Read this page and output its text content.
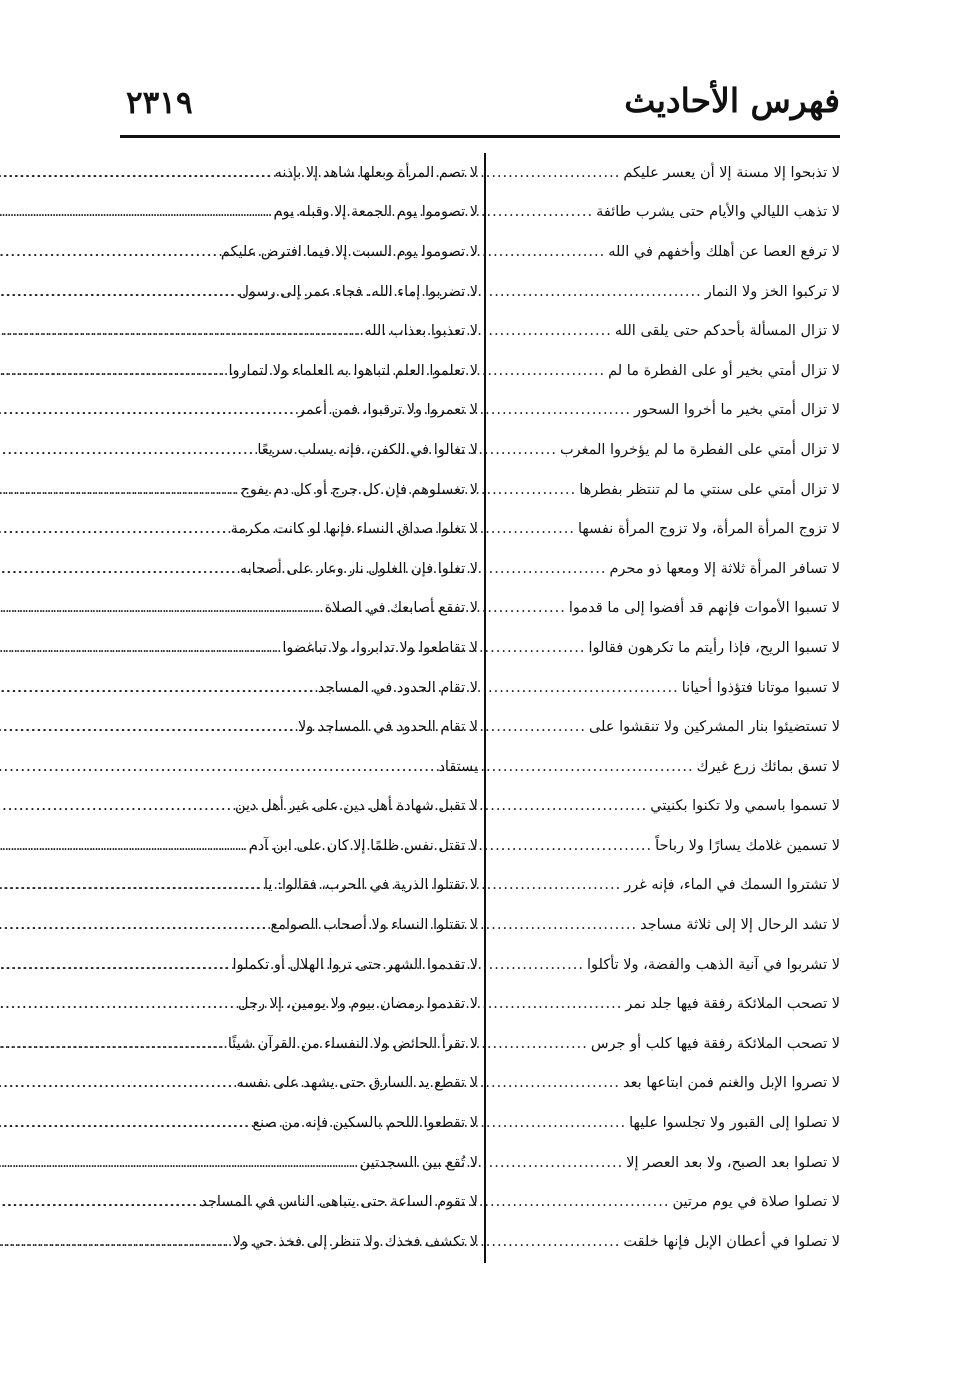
فهرس الأحاديث
٢٣١٩
لا تذبحوا إلا مسنة إلا أن يعسر عليكم
.....
لا تذهب الليالي والأيام حتى يشرب طائفة
.....
لا ترفع العصا عن أهلك وأخفهم في الله
.....
لا تركبوا الخز ولا النمار
.....
لا تزال المسألة بأحدكم حتى يلقى الله
.....
لا تزال أمتي بخير أو على الفطرة ما لم
.....
لا تزال أمتي بخير ما أخروا السحور
.....
لا تزال أمتي على الفطرة ما لم يؤخروا المغرب
.....
لا تزال أمتي على سنتي ما لم تنتظر بفطرها
.....
لا تزوج المرأة المرأة، ولا تزوج المرأة نفسها
.....
لا تسافر المرأة ثلاثة إلا ومعها ذو محرم
.....
لا تسبوا الأموات فإنهم قد أفضوا إلى ما قدموا
.....
لا تسبوا الريح، فإذا رأيتم ما تكرهون فقالوا
.....
لا تسبوا موتانا فتؤذوا أحيانا
.....
لا تستضيئوا بنار المشركين ولا تنقشوا على
.....
لا تسق بمائك زرع غيرك
.....
لا تسموا باسمي ولا تكنوا بكنيتي
.....
لا تسمين غلامك يسارًا ولا رباحاً
.....
لا تشتروا السمك في الماء، فإنه غرر
.....
لا تشد الرحال إلا إلى ثلاثة مساجد
.....
لا تشربوا في آنية الذهب والفضة، ولا تأكلوا
.....
لا تصحب الملائكة رفقة فيها جلد نمر
.....
لا تصحب الملائكة رفقة فيها كلب أو جرس
.....
لا تصروا الإبل والغنم فمن ابتاعها بعد
.....
لا تصلوا إلى القبور ولا تجلسوا عليها
.....
لا تصلوا بعد الصبح، ولا بعد العصر إلا
.....
لا تصلوا صلاة في يوم مرتين
.....
لا تصلوا في أعطان الإبل فإنها خلقت
.....
لا تصم المرأة وبعلها شاهد إلا بإذنه
.....
لا تصوموا يوم الجمعة إلا وقبله يوم
.....
لا تصوموا يوم السبت إلا فيما افترض عليكم
.....
لا تضربوا إماء الله. فجاء عمر إلى رسول
.....
لا تعذبوا بعذاب الله
.....
لا تعلموا العلم لتباهوا به العلماء ولا لتماروا
.....
لا تعمروا ولا ترقبوا، فمن أعمر
.....
لا تغالوا في الكفن، فإنه يسلب سريعًا
.....
لا تغسلوهم فإن كل جرح أو كل دم يفوح
.....
لا تغلوا صداق النساء فإنها لو كانت مكرمة
.....
لا تغلوا فإن الغلول نار وعار على أصحابه
.....
لا تفقع أصابعك في الصلاة
.....
لا تقاطعوا ولا تدابروا، ولا تباغضوا
.....
لا تقام الحدود في المساجد
.....
لا تقام الحدود في المساجد ولا
.....
يستقاد
.....
لا تقبل شهادة أهل دين على غير أهل دين
.....
لا تقتل نفس ظلمًا إلا كان على ابن آدم
.....
لا تقتلوا الذرية في الحرب، فقالوا: يا
.....
لا تقتلوا النساء ولا أصحاب الصوامع
.....
لا تقدموا الشهر حتى تروا الهلال أو تكملوا
.....
لا تقدموا رمضان بيوم ولا يومين، إلا رجل
.....
لا تقرأ الحائض ولا النفساء من القرآن شيئًا
.....
لا تقطع يد السارق حتى يشهد على نفسه
.....
لا تقطعوا اللحم بالسكين فإنه من صنع
.....
لا تُقع بين السجدتين
.....
لا تقوم الساعة حتى يتباهى الناس في المساجد
.....
لا تكشف فخذك ولا تنظر إلى فخذ حي ولا
.....
